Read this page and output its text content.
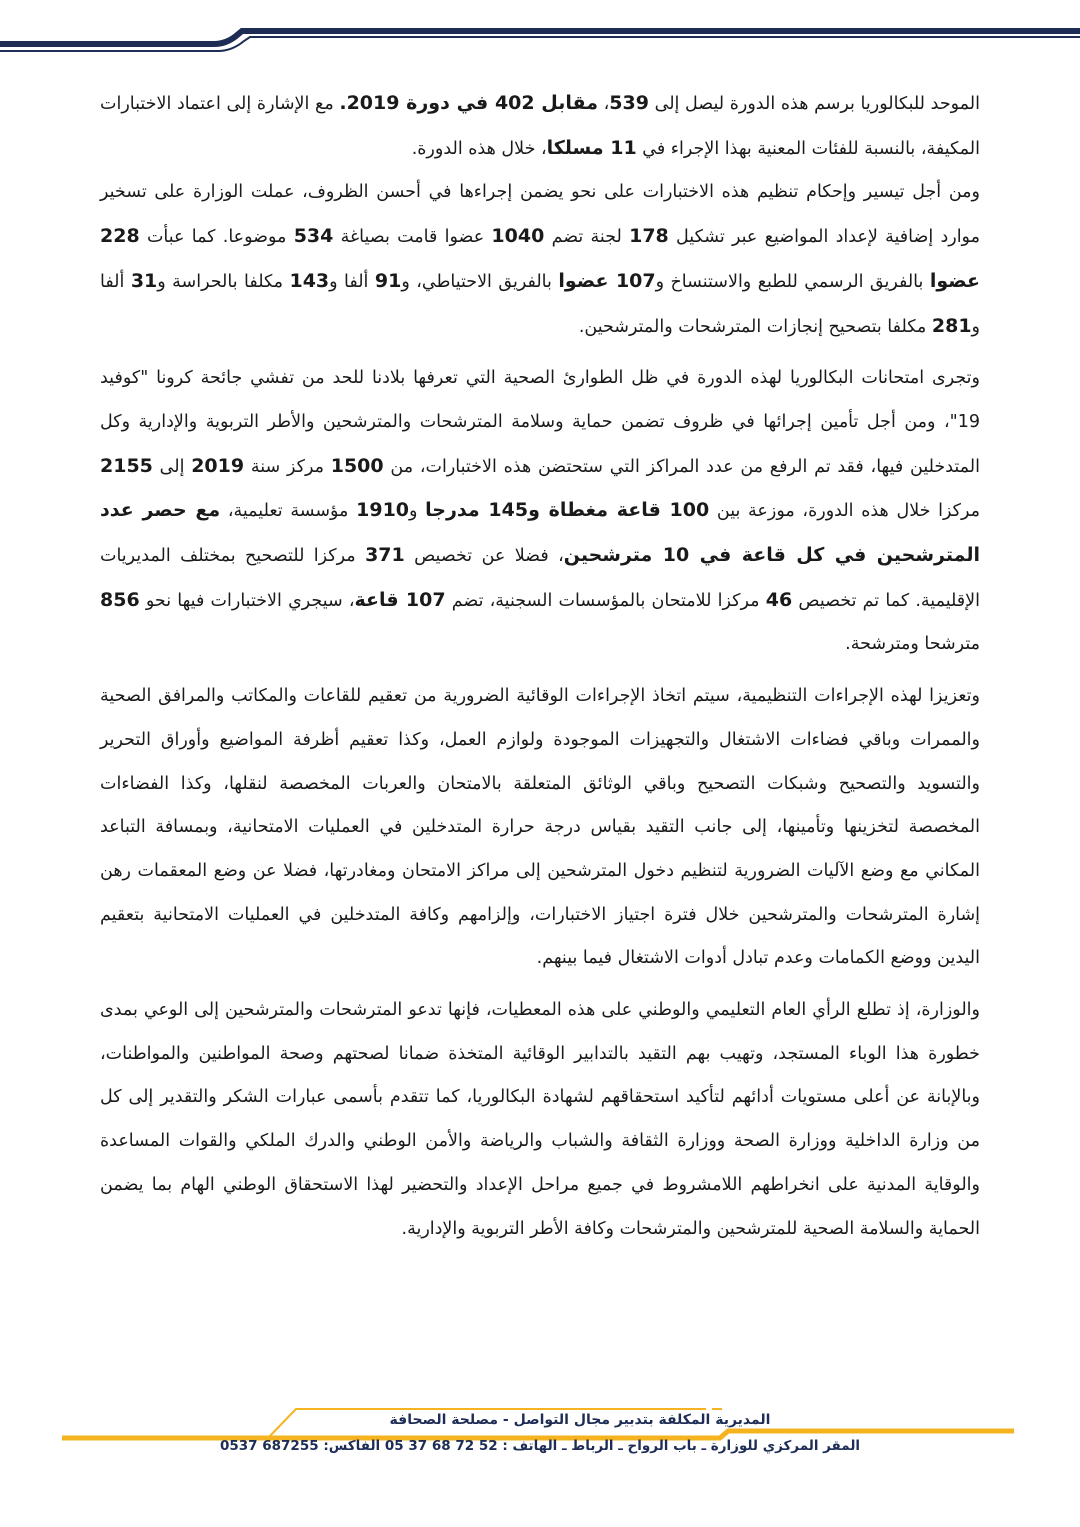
الموحد للبكالوريا برسم هذه الدورة ليصل إلى 539، مقابل 402 في دورة 2019. مع الإشارة إلى اعتماد الاختبارات المكيفة، بالنسبة للفئات المعنية بهذا الإجراء في 11 مسلكا، خلال هذه الدورة.

ومن أجل تيسير وإحكام تنظيم هذه الاختبارات على نحو يضمن إجراءها في أحسن الظروف، عملت الوزارة على تسخير موارد إضافية لإعداد المواضيع عبر تشكيل 178 لجنة تضم 1040 عضوا قامت بصياغة 534 موضوعا. كما عبأت 228 عضوا بالفريق الرسمي للطبع والاستنساخ و107 عضوا بالفريق الاحتياطي، و91 ألفا و143 مكلفا بالحراسة و31 ألفا و281 مكلفا بتصحيح إنجازات المترشحات والمترشحين.

وتجرى امتحانات البكالوريا لهذه الدورة في ظل الطوارئ الصحية التي تعرفها بلادنا للحد من تفشي جائحة كرونا "كوفيد 19"، ومن أجل تأمين إجرائها في ظروف تضمن حماية وسلامة المترشحات والمترشحين والأطر التربوية والإدارية وكل المتدخلين فيها، فقد تم الرفع من عدد المراكز التي ستحتضن هذه الاختبارات، من 1500 مركز سنة 2019 إلى 2155 مركزا خلال هذه الدورة، موزعة بين 100 قاعة مغطاة و145 مدرجا و1910 مؤسسة تعليمية، مع حصر عدد المترشحين في كل قاعة في 10 مترشحين، فضلا عن تخصيص 371 مركزا للتصحيح بمختلف المديريات الإقليمية. كما تم تخصيص 46 مركزا للامتحان بالمؤسسات السجنية، تضم 107 قاعة، سيجري الاختبارات فيها نحو 856 مترشحا ومترشحة.

وتعزيزا لهذه الإجراءات التنظيمية، سيتم اتخاذ الإجراءات الوقائية الضرورية من تعقيم للقاعات والمكاتب والمرافق الصحية والممرات وباقي فضاءات الاشتغال والتجهيزات الموجودة ولوازم العمل، وكذا تعقيم أظرفة المواضيع وأوراق التحرير والتسويد والتصحيح وشبكات التصحيح وباقي الوثائق المتعلقة بالامتحان والعربات المخصصة لنقلها، وكذا الفضاءات المخصصة لتخزينها وتأمينها، إلى جانب التقيد بقياس درجة حرارة المتدخلين في العمليات الامتحانية، وبمسافة التباعد المكاني مع وضع الآليات الضرورية لتنظيم دخول المترشحين إلى مراكز الامتحان ومغادرتها، فضلا عن وضع المعقمات رهن إشارة المترشحات والمترشحين خلال فترة اجتياز الاختبارات، وإلزامهم وكافة المتدخلين في العمليات الامتحانية بتعقيم اليدين ووضع الكمامات وعدم تبادل أدوات الاشتغال فيما بينهم.

والوزارة، إذ تطلع الرأي العام التعليمي والوطني على هذه المعطيات، فإنها تدعو المترشحات والمترشحين إلى الوعي بمدى خطورة هذا الوباء المستجد، وتهيب بهم التقيد بالتدابير الوقائية المتخذة ضمانا لصحتهم وصحة المواطنين والمواطنات، وبالإبانة عن أعلى مستويات أدائهم لتأكيد استحقاقهم لشهادة البكالوريا، كما تتقدم بأسمى عبارات الشكر والتقدير إلى كل من وزارة الداخلية ووزارة الصحة ووزارة الثقافة والشباب والرياضة والأمن الوطني والدرك الملكي والقوات المساعدة والوقاية المدنية على انخراطهم اللامشروط في جميع مراحل الإعداد والتحضير لهذا الاستحقاق الوطني الهام بما يضمن الحماية والسلامة الصحية للمترشحين والمترشحات وكافة الأطر التربوية والإدارية.

المديرية المكلفة بتدبير مجال التواصل - مصلحة الصحافة
المقر المركزي للوزارة ـ باب الرواح ـ الرباط ـ الهاتف : 52 72 68 37 05 الفاكس: 687255 0537
